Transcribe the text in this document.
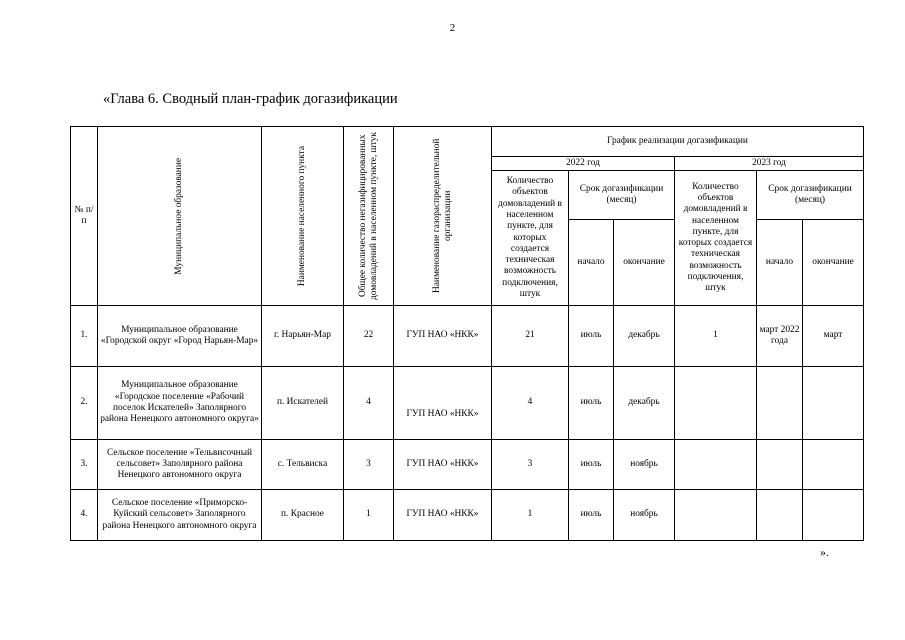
2
«Глава 6. Сводный план-график догазификации
№ п/п	Муниципальное образование	Наименование населенного пункта	Общее количество негазифицированных домовладений в населенном пункте, штук	Наименование газораспределительной организации	График реализации догазификации					
					2022 год			2023 год		
					Количество объектов домовладений в населенном пункте, для которых создается техническая возможность подключения, штук	Срок догазификации (месяц)		Количество объектов домовладений в населенном пункте, для которых создается техническая возможность подключения, штук	Срок догазификации (месяц)	
						начало	окончание		начало	окончание
1.	Муниципальное образование «Городской округ «Город Нарьян-Мар»	г. Нарьян-Мар	22	ГУП НАО «НКК»	21	июль	декабрь	1	март 2022 года	март
2.	Муниципальное образование «Городское поселение «Рабочий поселок Искателей» Заполярного района Ненецкого автономного округа»	п. Искателей	4	ГУП НАО «НКК»	4	июль	декабрь			
3.	Сельское поселение «Тельвисочный сельсовет» Заполярного района Ненецкого автономного округа	с. Тельвиска	3	ГУП НАО «НКК»	3	июль	ноябрь			
4.	Сельское поселение «Приморско-Куйский сельсовет» Заполярного района Ненецкого автономного округа	п. Красное	1	ГУП НАО «НКК»	1	июль	ноябрь			
».
